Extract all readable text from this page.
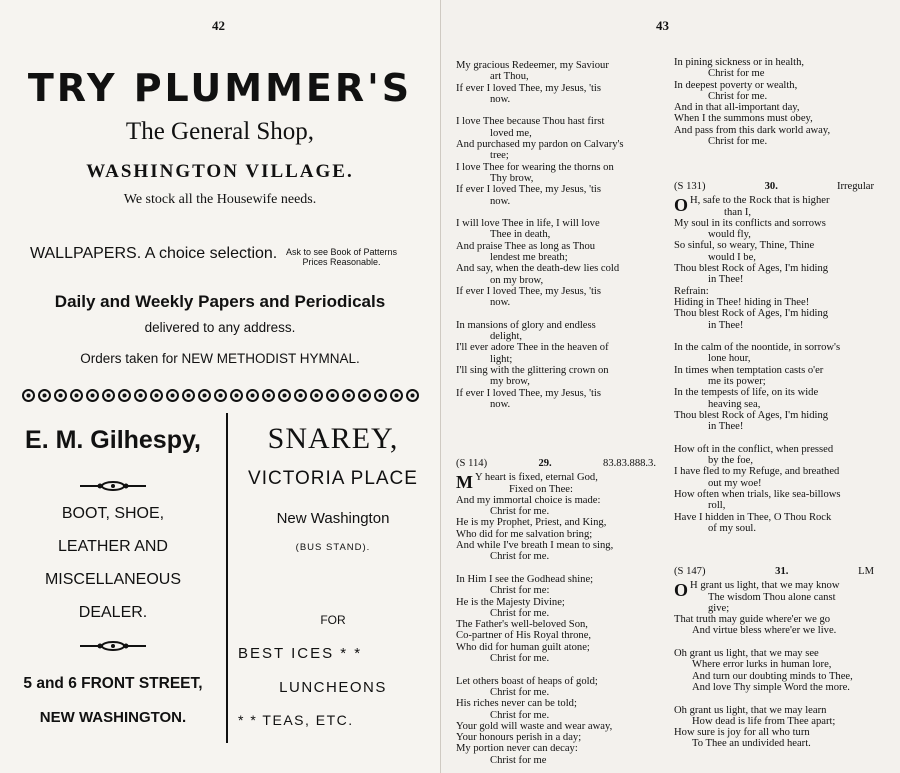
42
TRY PLUMMER'S
The General Shop,
WASHINGTON VILLAGE.
We stock all the Housewife needs.
WALLPAPERS. A choice selection. Ask to see Book of Patterns
Prices Reasonable.
Daily and Weekly Papers and Periodicals
delivered to any address.
Orders taken for NEW METHODIST HYMNAL.
E. M. Gilhespy,
BOOT, SHOE,
LEATHER AND
MISCELLANEOUS
DEALER.
5 and 6 FRONT STREET,
NEW WASHINGTON.
SNAREY,
VICTORIA PLACE
New Washington
(BUS STAND).
FOR
BEST ICES * *
LUNCHEONS
* * TEAS, ETC.
43
My gracious Redeemer, my Saviour
art Thou,
If ever I loved Thee, my Jesus, 'tis
now.

I love Thee because Thou hast first
loved me,
And purchased my pardon on Calvary's
tree;
I love Thee for wearing the thorns on
Thy brow,
If ever I loved Thee, my Jesus, 'tis
now.

I will love Thee in life, I will love
Thee in death,
And praise Thee as long as Thou
lendest me breath;
And say, when the death-dew lies cold
on my brow,
If ever I loved Thee, my Jesus, 'tis
now.

In mansions of glory and endless
delight,
I'll ever adore Thee in the heaven of
light;
I'll sing with the glittering crown on
my brow,
If ever I loved Thee, my Jesus, 'tis
now.
(S 114)	29.	83.83.888.3.
M Y heart is fixed, eternal God,
Fixed on Thee:
And my immortal choice is made:
Christ for me.
He is my Prophet, Priest, and King,
Who did for me salvation bring;
And while I've breath I mean to sing,
Christ for me.

In Him I see the Godhead shine;
Christ for me:
He is the Majesty Divine;
Christ for me.
The Father's well-beloved Son,
Co-partner of His Royal throne,
Who did for human guilt atone;
Christ for me.

Let others boast of heaps of gold;
Christ for me.
His riches never can be told;
Christ for me.
Your gold will waste and wear away,
Your honours perish in a day;
My portion never can decay:
Christ for me
In pining sickness or in health,
Christ for me
In deepest poverty or wealth,
Christ for me.
And in that all-important day,
When I the summons must obey,
And pass from this dark world away,
Christ for me.
(S 131)	30.	Irregular
O H, safe to the Rock that is higher
than I,
My soul in its conflicts and sorrows
would fly,
So sinful, so weary, Thine, Thine
would I be,
Thou blest Rock of Ages, I'm hiding
in Thee!
Refrain:
Hiding in Thee! hiding in Thee!
Thou blest Rock of Ages, I'm hiding
in Thee!

In the calm of the noontide, in sorrow's
lone hour,
In times when temptation casts o'er
me its power;
In the tempests of life, on its wide
heaving sea,
Thou blest Rock of Ages, I'm hiding
in Thee!

How oft in the conflict, when pressed
by the foe,
I have fled to my Refuge, and breathed
out my woe!
How often when trials, like sea-billows
roll,
Have I hidden in Thee, O Thou Rock
of my soul.
(S 147)	31.	LM
O H grant us light, that we may know
The wisdom Thou alone canst
give;
That truth may guide where'er we go
And virtue bless where'er we live.

Oh grant us light, that we may see
Where error lurks in human lore,
And turn our doubting minds to Thee,
And love Thy simple Word the more.

Oh grant us light, that we may learn
How dead is life from Thee apart;
How sure is joy for all who turn
To Thee an undivided heart.
